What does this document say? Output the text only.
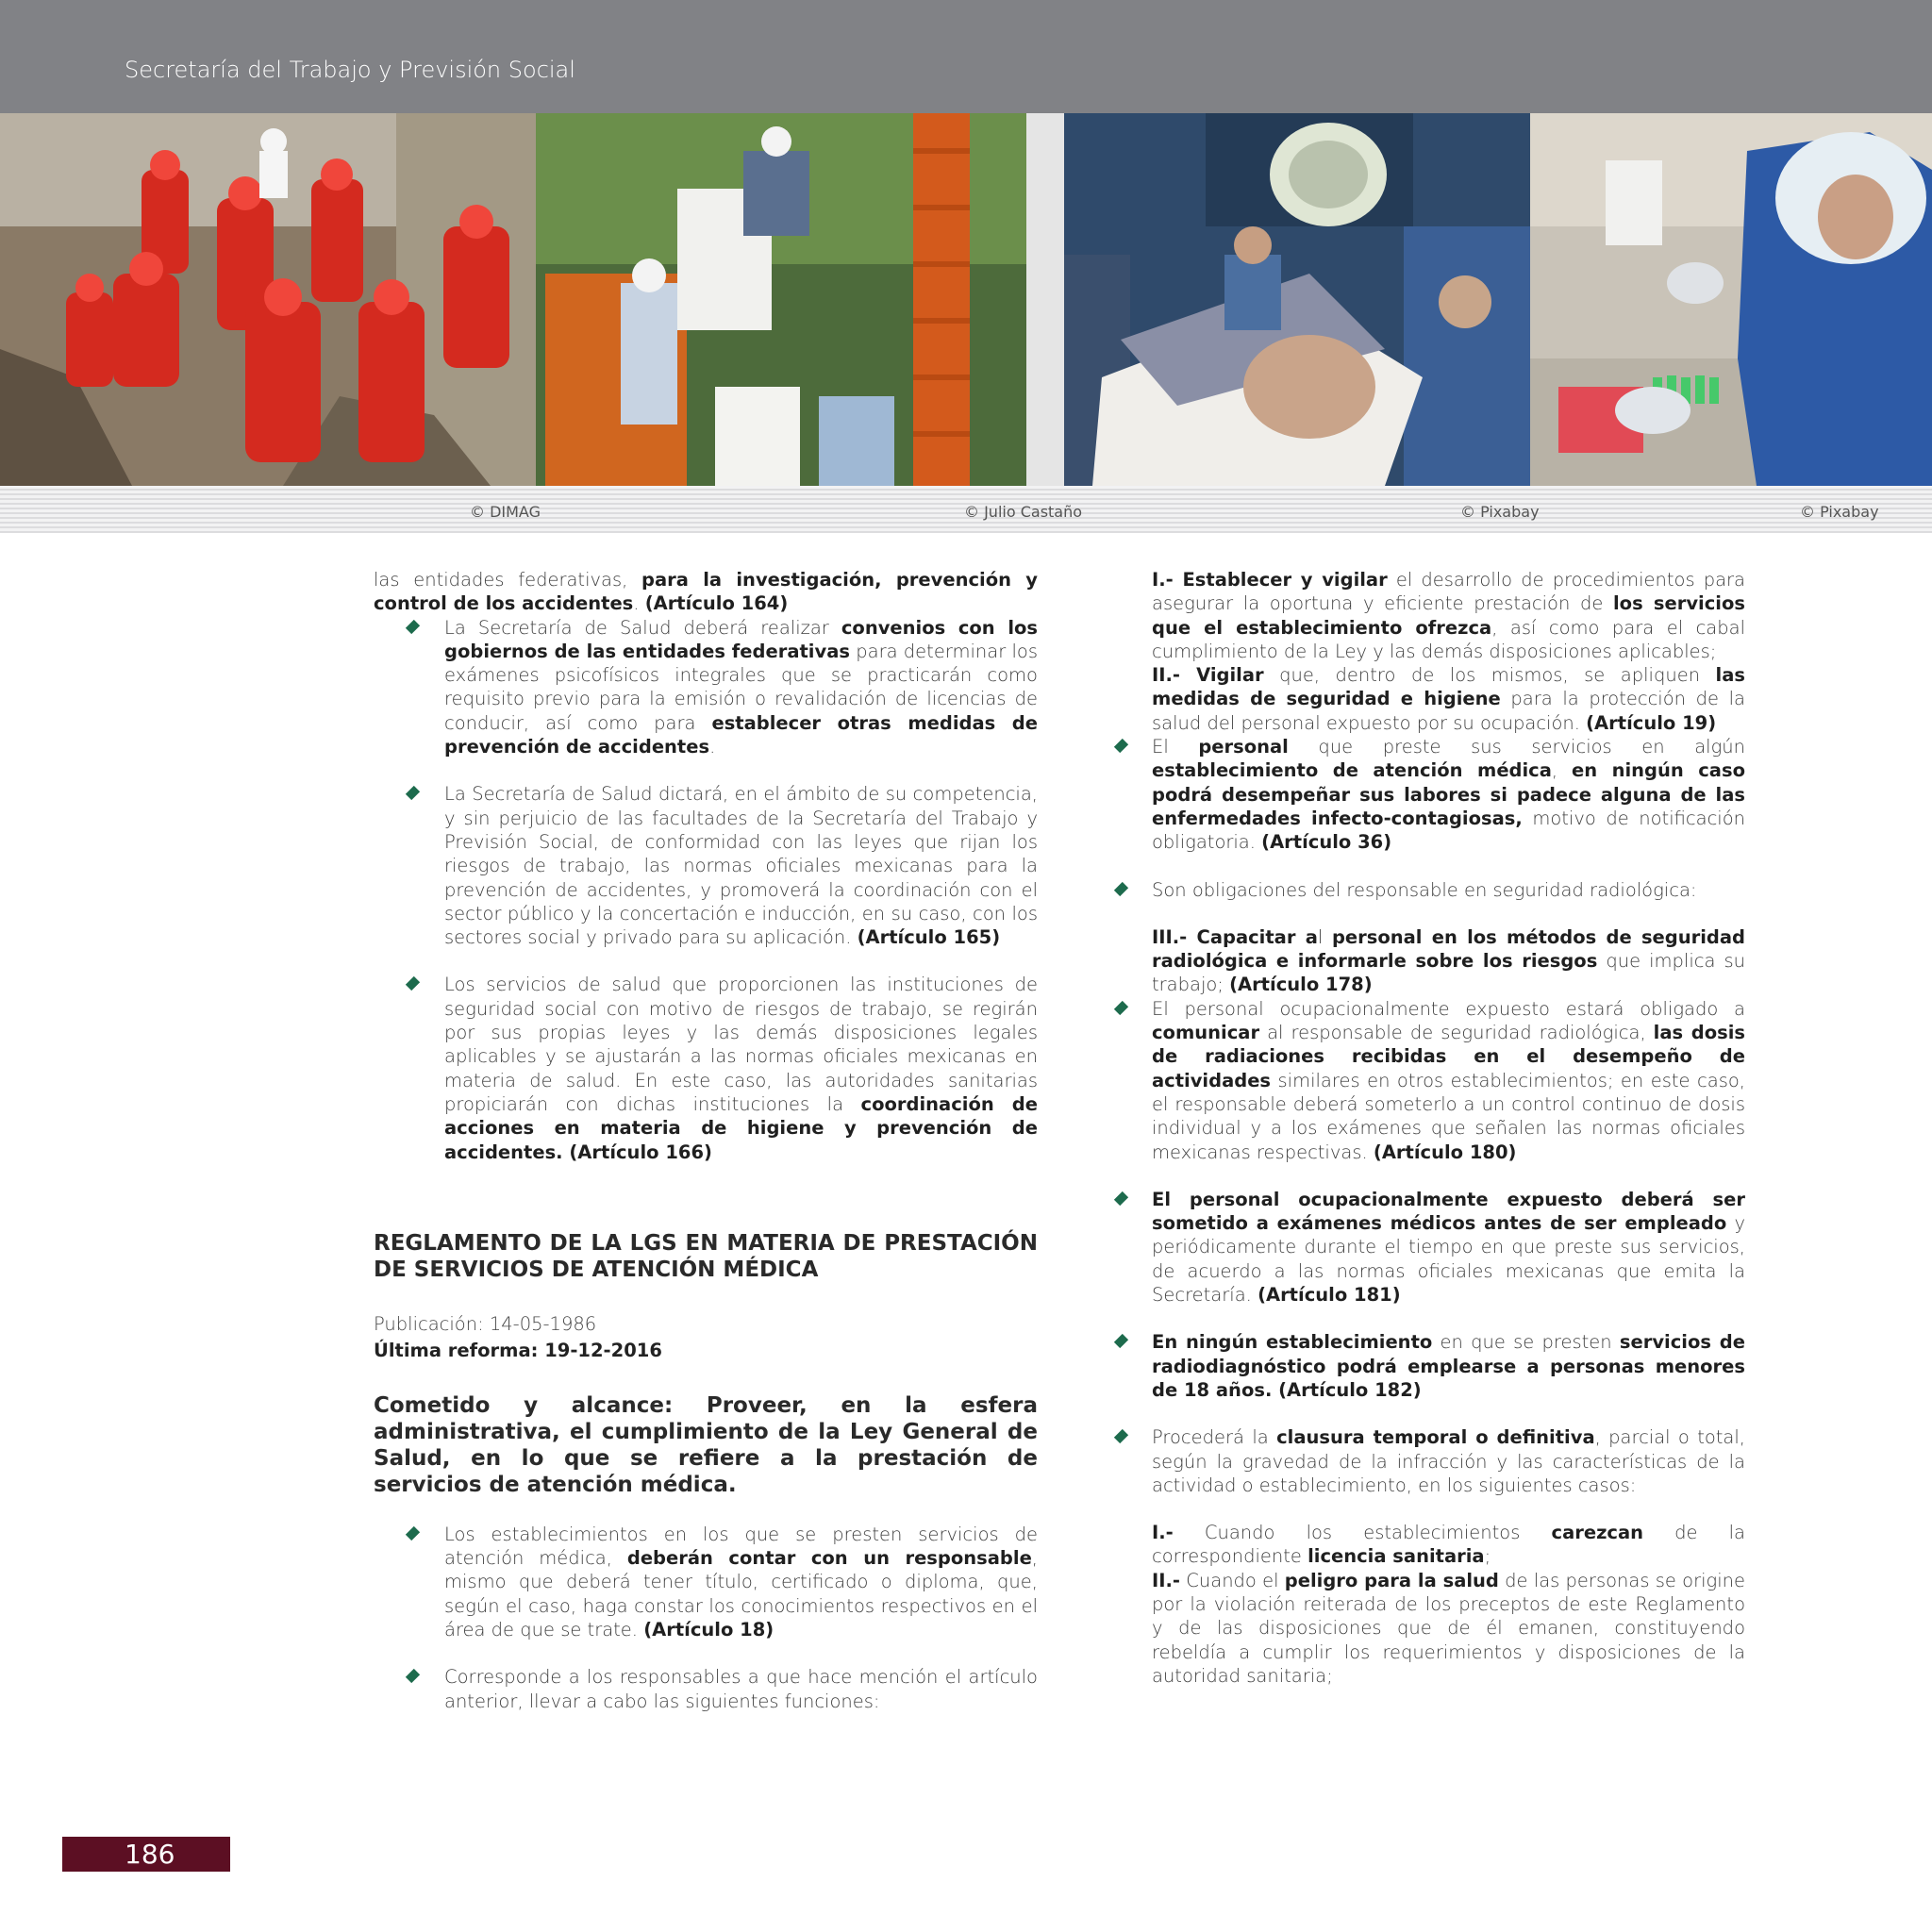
Secretaría del Trabajo y Previsión Social
© DIMAG	© Julio Castaño	© Pixabay	© Pixabay

las entidades federativas, para la investigación, prevención y control de los accidentes. (Artículo 164)

La Secretaría de Salud deberá realizar convenios con los gobiernos de las entidades federativas para determinar los exámenes psicofísicos integrales que se practicarán como requisito previo para la emisión o revalidación de licencias de conducir, así como para establecer otras medidas de prevención de accidentes.

La Secretaría de Salud dictará, en el ámbito de su competencia, y sin perjuicio de las facultades de la Secretaría del Trabajo y Previsión Social, de conformidad con las leyes que rijan los riesgos de trabajo, las normas oficiales mexicanas para la prevención de accidentes, y promoverá la coordinación con el sector público y la concertación e inducción, en su caso, con los sectores social y privado para su aplicación. (Artículo 165)

Los servicios de salud que proporcionen las instituciones de seguridad social con motivo de riesgos de trabajo, se regirán por sus propias leyes y las demás disposiciones legales aplicables y se ajustarán a las normas oficiales mexicanas en materia de salud. En este caso, las autoridades sanitarias propiciarán con dichas instituciones la coordinación de acciones en materia de higiene y prevención de accidentes. (Artículo 166)

REGLAMENTO DE LA LGS EN MATERIA DE PRESTACIÓN DE SERVICIOS DE ATENCIÓN MÉDICA
Publicación: 14-05-1986
Última reforma: 19-12-2016
Cometido y alcance: Proveer, en la esfera administrativa, el cumplimiento de la Ley General de Salud, en lo que se refiere a la prestación de servicios de atención médica.

Los establecimientos en los que se presten servicios de atención médica, deberán contar con un responsable, mismo que deberá tener título, certificado o diploma, que, según el caso, haga constar los conocimientos respectivos en el área de que se trate. (Artículo 18)

Corresponde a los responsables a que hace mención el artículo anterior, llevar a cabo las siguientes funciones:

I.- Establecer y vigilar el desarrollo de procedimientos para asegurar la oportuna y eficiente prestación de los servicios que el establecimiento ofrezca, así como para el cabal cumplimiento de la Ley y las demás disposiciones aplicables;

II.- Vigilar que, dentro de los mismos, se apliquen las medidas de seguridad e higiene para la protección de la salud del personal expuesto por su ocupación. (Artículo 19)

El personal que preste sus servicios en algún establecimiento de atención médica, en ningún caso podrá desempeñar sus labores si padece alguna de las enfermedades infecto-contagiosas, motivo de notificación obligatoria. (Artículo 36)

Son obligaciones del responsable en seguridad radiológica:

III.- Capacitar al personal en los métodos de seguridad radiológica e informarle sobre los riesgos que implica su trabajo; (Artículo 178)

El personal ocupacionalmente expuesto estará obligado a comunicar al responsable de seguridad radiológica, las dosis de radiaciones recibidas en el desempeño de actividades similares en otros establecimientos; en este caso, el responsable deberá someterlo a un control continuo de dosis individual y a los exámenes que señalen las normas oficiales mexicanas respectivas. (Artículo 180)

El personal ocupacionalmente expuesto deberá ser sometido a exámenes médicos antes de ser empleado y periódicamente durante el tiempo en que preste sus servicios, de acuerdo a las normas oficiales mexicanas que emita la Secretaría. (Artículo 181)

En ningún establecimiento en que se presten servicios de radiodiagnóstico podrá emplearse a personas menores de 18 años. (Artículo 182)

Procederá la clausura temporal o definitiva, parcial o total, según la gravedad de la infracción y las características de la actividad o establecimiento, en los siguientes casos:

I.- Cuando los establecimientos carezcan de la correspondiente licencia sanitaria;

II.- Cuando el peligro para la salud de las personas se origine por la violación reiterada de los preceptos de este Reglamento y de las disposiciones que de él emanen, constituyendo rebeldía a cumplir los requerimientos y disposiciones de la autoridad sanitaria;

186
